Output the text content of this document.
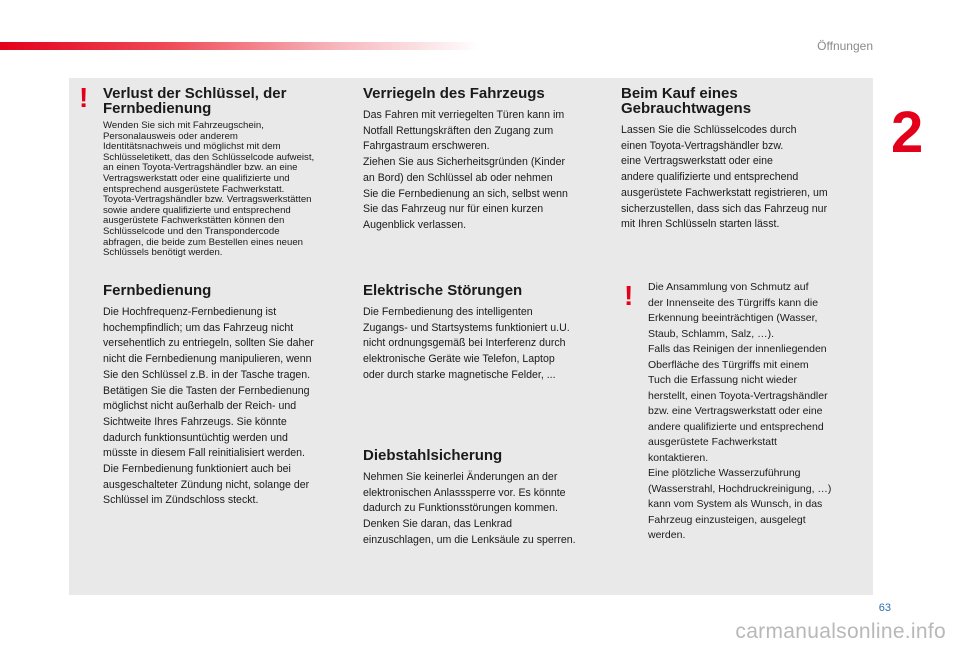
Öffnungen
2
! Verlust der Schlüssel, der
Fernbedienung

Wenden Sie sich mit Fahrzeugschein,

Personalausweis oder anderem

Identitätsnachweis und möglichst mit dem

Schlüsseletikett, das den Schlüsselcode aufweist,

an einen Toyota-Vertragshändler bzw. an eine

Vertragswerkstatt oder eine qualifizierte und

entsprechend ausgerüstete Fachwerkstatt.

Toyota-Vertragshändler bzw. Vertragswerkstätten

sowie andere qualifizierte und entsprechend

ausgerüstete Fachwerkstätten können den

Schlüsselcode und den Transpondercode

abfragen, die beide zum Bestellen eines neuen

Schlüssels benötigt werden.

Fernbedienung

Die Hochfrequenz-Fernbedienung ist

hochempfindlich; um das Fahrzeug nicht

versehentlich zu entriegeln, sollten Sie daher

nicht die Fernbedienung manipulieren, wenn

Sie den Schlüssel z.B. in der Tasche tragen.

Betätigen Sie die Tasten der Fernbedienung

möglichst nicht außerhalb der Reich- und

Sichtweite Ihres Fahrzeugs. Sie könnte

dadurch funktionsuntüchtig werden und

müsste in diesem Fall reinitialisiert werden.

Die Fernbedienung funktioniert auch bei

ausgeschalteter Zündung nicht, solange der

Schlüssel im Zündschloss steckt.

Verriegeln des Fahrzeugs

Das Fahren mit verriegelten Türen kann im

Notfall Rettungskräften den Zugang zum

Fahrgastraum erschweren.

Ziehen Sie aus Sicherheitsgründen (Kinder

an Bord) den Schlüssel ab oder nehmen

Sie die Fernbedienung an sich, selbst wenn

Sie das Fahrzeug nur für einen kurzen

Augenblick verlassen.

Elektrische Störungen

Die Fernbedienung des intelligenten

Zugangs- und Startsystems funktioniert u.U.

nicht ordnungsgemäß bei Interferenz durch

elektronische Geräte wie Telefon, Laptop

oder durch starke magnetische Felder, ...

Diebstahlsicherung

Nehmen Sie keinerlei Änderungen an der

elektronischen Anlasssperre vor. Es könnte

dadurch zu Funktionsstörungen kommen.

Denken Sie daran, das Lenkrad

einzuschlagen, um die Lenksäule zu sperren.

Beim Kauf eines
Gebrauchtwagens

Lassen Sie die Schlüsselcodes durch

einen Toyota-Vertragshändler bzw.

eine Vertragswerkstatt oder eine

andere qualifizierte und entsprechend

ausgerüstete Fachwerkstatt registrieren, um

sicherzustellen, dass sich das Fahrzeug nur

mit Ihren Schlüsseln starten lässt.

! Die Ansammlung von Schmutz auf

der Innenseite des Türgriffs kann die

Erkennung beeinträchtigen (Wasser,

Staub, Schlamm, Salz, …).

Falls das Reinigen der innenliegenden

Oberfläche des Türgriffs mit einem

Tuch die Erfassung nicht wieder

herstellt, einen Toyota-Vertragshändler

bzw. eine Vertragswerkstatt oder eine

andere qualifizierte und entsprechend

ausgerüstete Fachwerkstatt

kontaktieren.

Eine plötzliche Wasserzuführung

(Wasserstrahl, Hochdruckreinigung, …)

kann vom System als Wunsch, in das

Fahrzeug einzusteigen, ausgelegt

werden.

63
carmanualsonline.info
